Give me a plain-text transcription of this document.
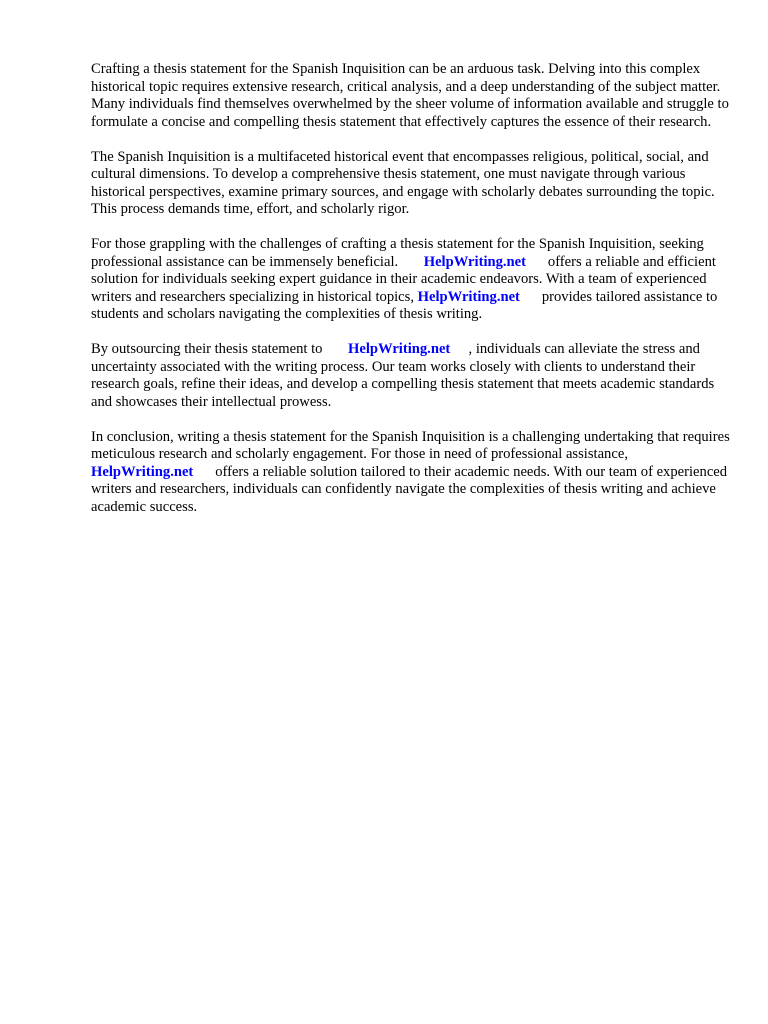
Crafting a thesis statement for the Spanish Inquisition can be an arduous task. Delving into this complex historical topic requires extensive research, critical analysis, and a deep understanding of the subject matter. Many individuals find themselves overwhelmed by the sheer volume of information available and struggle to formulate a concise and compelling thesis statement that effectively captures the essence of their research.

The Spanish Inquisition is a multifaceted historical event that encompasses religious, political, social, and cultural dimensions. To develop a comprehensive thesis statement, one must navigate through various historical perspectives, examine primary sources, and engage with scholarly debates surrounding the topic. This process demands time, effort, and scholarly rigor.

For those grappling with the challenges of crafting a thesis statement for the Spanish Inquisition, seeking professional assistance can be immensely beneficial.       HelpWriting.net      offers a reliable and efficient solution for individuals seeking expert guidance in their academic endeavors. With a team of experienced writers and researchers specializing in historical topics, HelpWriting.net      provides tailored assistance to students and scholars navigating the complexities of thesis writing.

By outsourcing their thesis statement to       HelpWriting.net     , individuals can alleviate the stress and uncertainty associated with the writing process. Our team works closely with clients to understand their research goals, refine their ideas, and develop a compelling thesis statement that meets academic standards and showcases their intellectual prowess.

In conclusion, writing a thesis statement for the Spanish Inquisition is a challenging undertaking that requires meticulous research and scholarly engagement. For those in need of professional assistance,       HelpWriting.net      offers a reliable solution tailored to their academic needs. With our team of experienced writers and researchers, individuals can confidently navigate the complexities of thesis writing and achieve academic success.
